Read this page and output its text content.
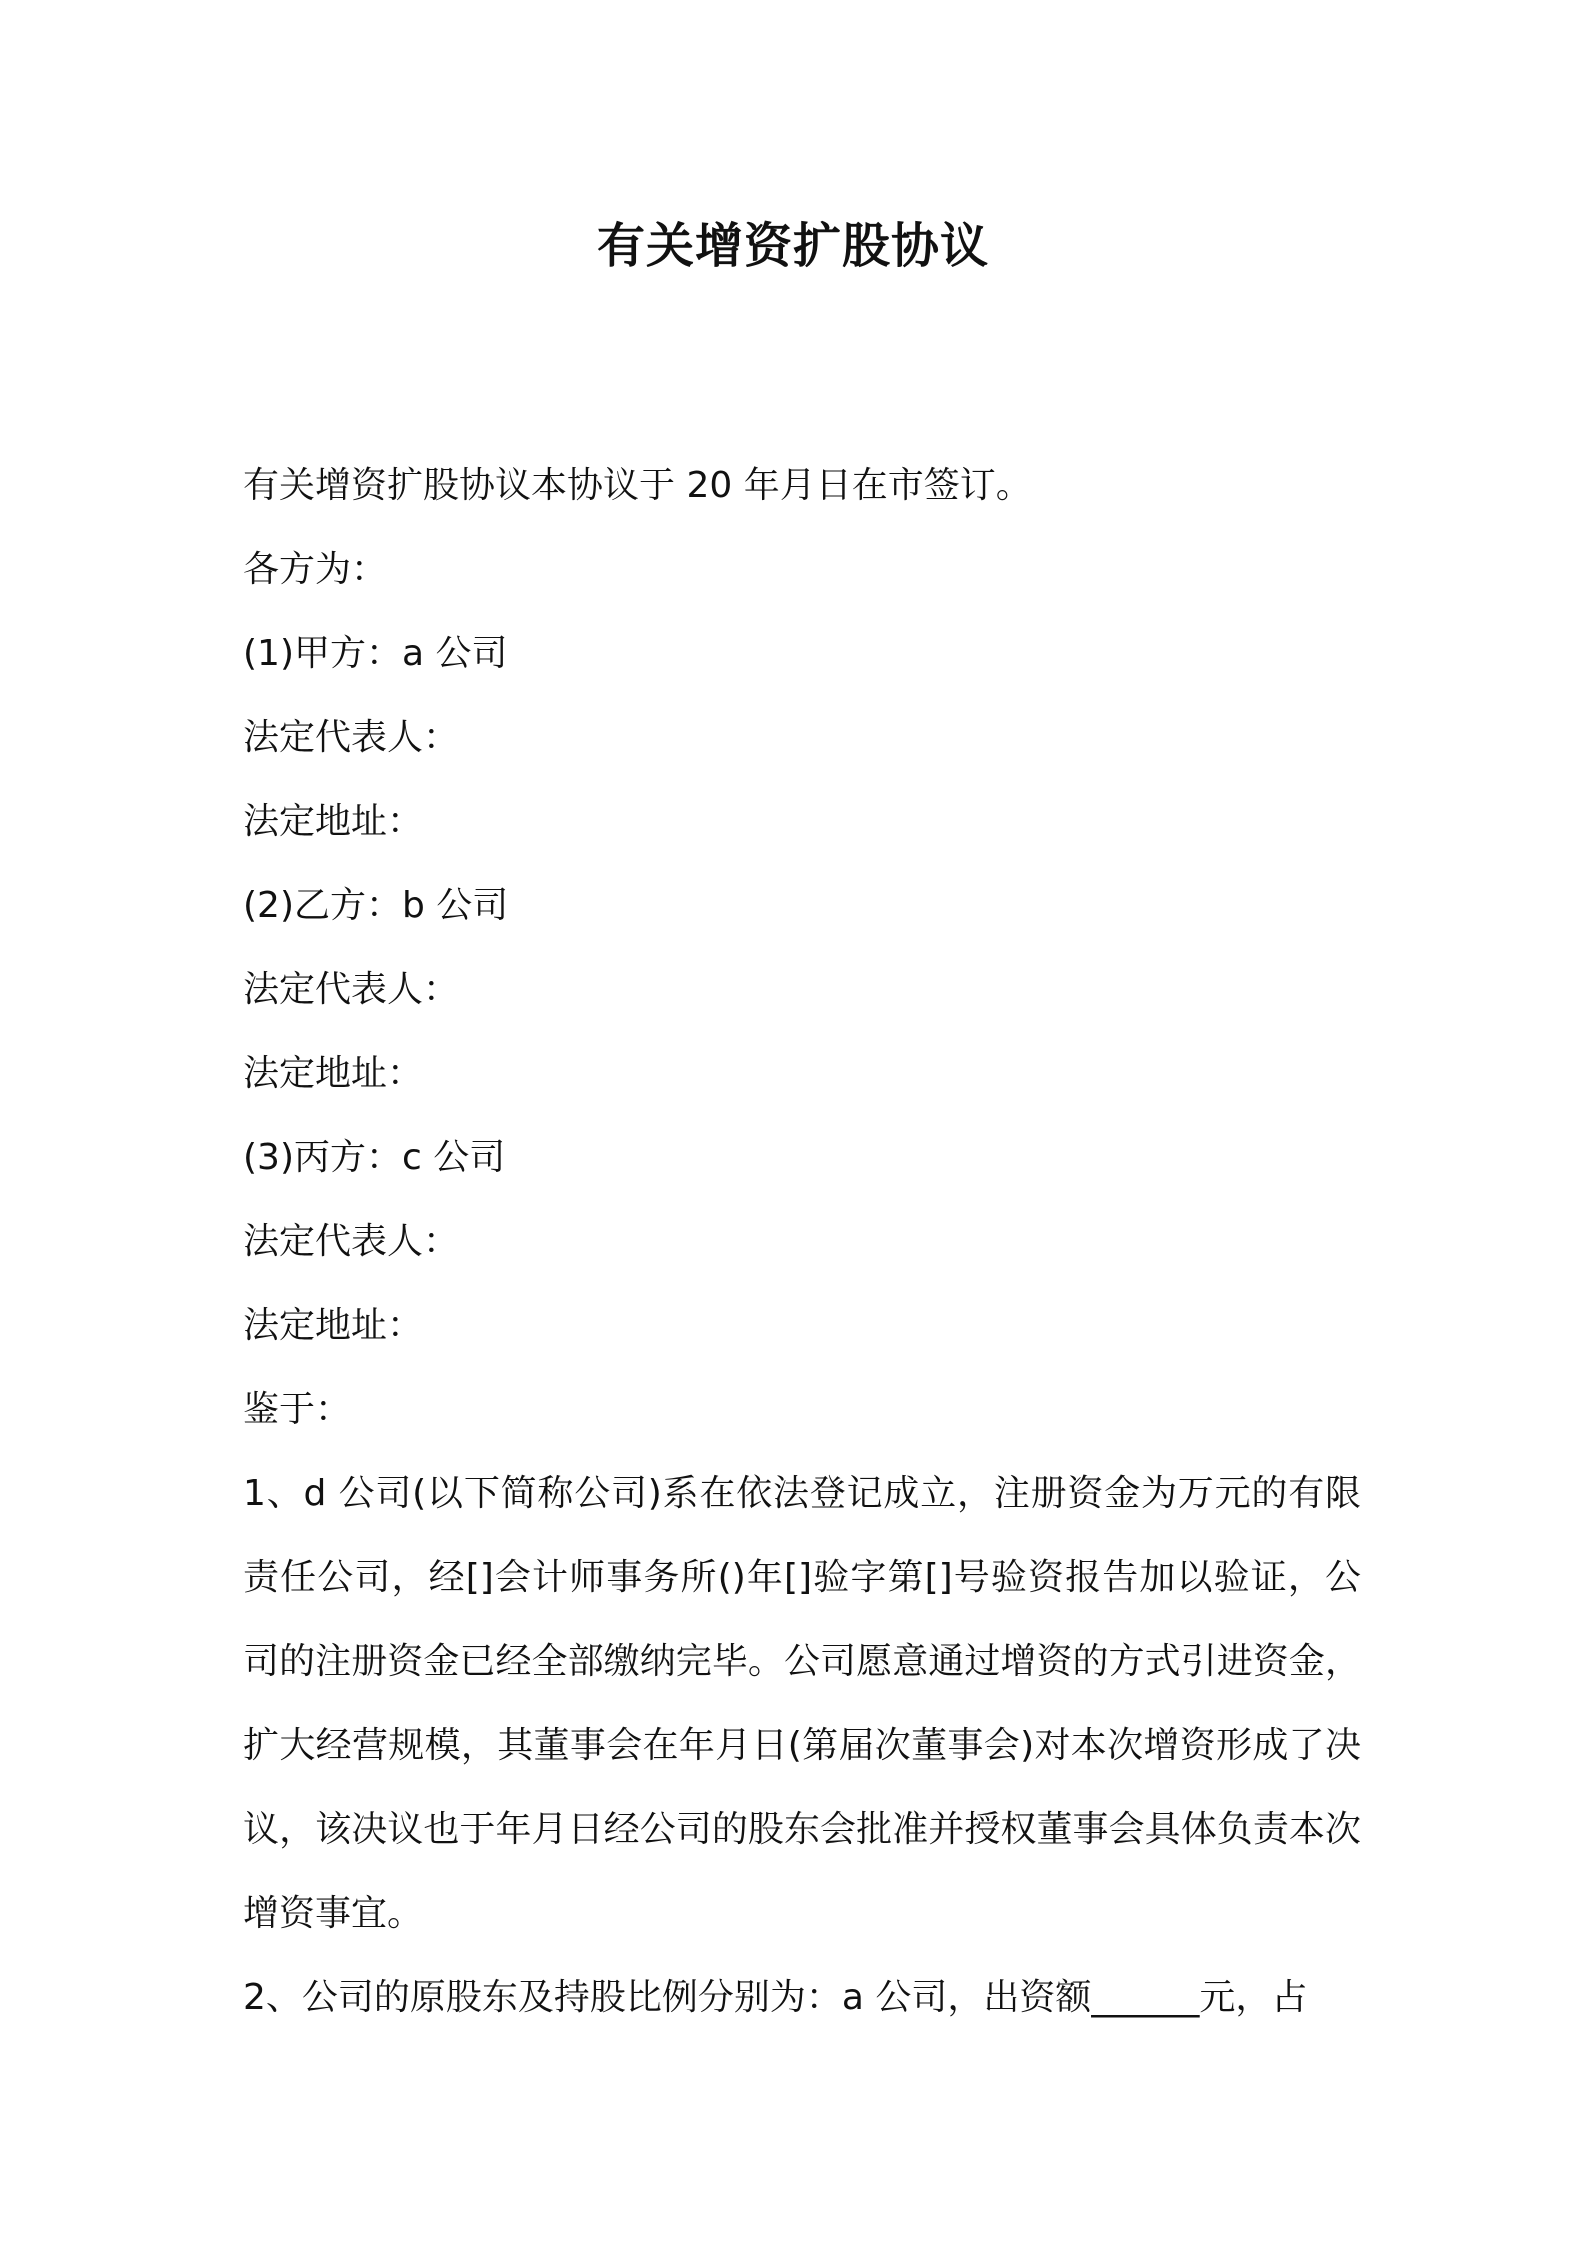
有关增资扩股协议
有关增资扩股协议本协议于 20 年月日在市签订。
各方为：
(1)甲方：a 公司
法定代表人：
法定地址：
(2)乙方：b 公司
法定代表人：
法定地址：
(3)丙方：c 公司
法定代表人：
法定地址：
鉴于：
1、d 公司(以下简称公司)系在依法登记成立，注册资金为万元的有限责任公司，经[]会计师事务所()年[]验字第[]号验资报告加以验证，公司的注册资金已经全部缴纳完毕。公司愿意通过增资的方式引进资金，扩大经营规模，其董事会在年月日(第届次董事会)对本次增资形成了决议，该决议也于年月日经公司的股东会批准并授权董事会具体负责本次增资事宜。
2、公司的原股东及持股比例分别为：a 公司，出资额______元，占
